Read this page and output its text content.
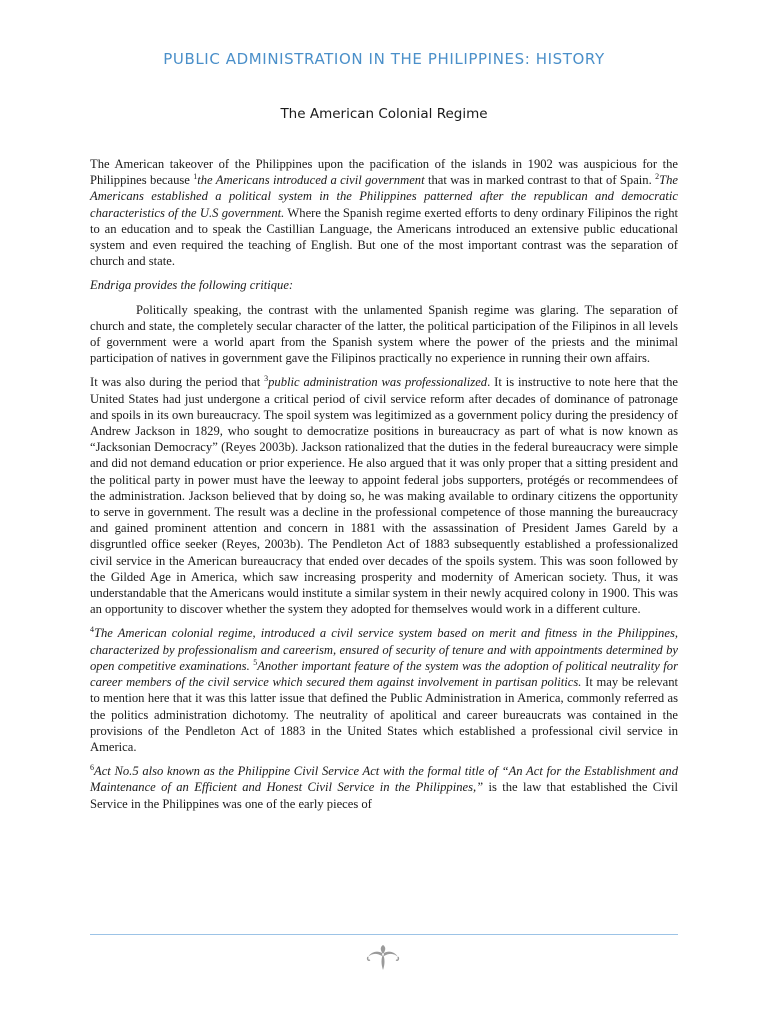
PUBLIC ADMINISTRATION IN THE PHILIPPINES: HISTORY
The American Colonial Regime

The American takeover of the Philippines upon the pacification of the islands in 1902 was auspicious for the Philippines because $^1$the Americans introduced a civil government that was in marked contrast to that of Spain. $^2$The Americans established a political system in the Philippines patterned after the republican and democratic characteristics of the U.S government. Where the Spanish regime exerted efforts to deny ordinary Filipinos the right to an education and to speak the Castillian Language, the Americans introduced an extensive public educational system and even required the teaching of English. But one of the most important contrast was the separation of church and state.

Endriga provides the following critique:

Politically speaking, the contrast with the unlamented Spanish regime was glaring. The separation of church and state, the completely secular character of the latter, the political participation of the Filipinos in all levels of government were a world apart from the Spanish system where the power of the priests and the minimal participation of natives in government gave the Filipinos practically no experience in running their own affairs.

It was also during the period that $^3$public administration was professionalized. It is instructive to note here that the United States had just undergone a critical period of civil service reform after decades of dominance of patronage and spoils in its own bureaucracy. The spoil system was legitimized as a government policy during the presidency of Andrew Jackson in 1829, who sought to democratize positions in bureaucracy as part of what is now known as “Jacksonian Democracy” (Reyes 2003b). Jackson rationalized that the duties in the federal bureaucracy were simple and did not demand education or prior experience. He also argued that it was only proper that a sitting president and the political party in power must have the leeway to appoint federal jobs supporters, protégés or recommendees of the administration. Jackson believed that by doing so, he was making available to ordinary citizens the opportunity to serve in government. The result was a decline in the professional competence of those manning the bureaucracy and gained prominent attention and concern in 1881 with the assassination of President James Gareld by a disgruntled office seeker (Reyes, 2003b). The Pendleton Act of 1883 subsequently established a professionalized civil service in the American bureaucracy that ended over decades of the spoils system. This was soon followed by the Gilded Age in America, which saw increasing prosperity and modernity of American society. Thus, it was understandable that the Americans would institute a similar system in their newly acquired colony in 1900. This was an opportunity to discover whether the system they adopted for themselves would work in a different culture.

$^4$The American colonial regime, introduced a civil service system based on merit and fitness in the Philippines, characterized by professionalism and careerism, ensured of security of tenure and with appointments determined by open competitive examinations. $^5$Another important feature of the system was the adoption of political neutrality for career members of the civil service which secured them against involvement in partisan politics. It may be relevant to mention here that it was this latter issue that defined the Public Administration in America, commonly referred as the politics administration dichotomy. The neutrality of apolitical and career bureaucrats was contained in the provisions of the Pendleton Act of 1883 in the United States which established a professional civil service in America.

$^6$Act No.5 also known as the Philippine Civil Service Act with the formal title of “An Act for the Establishment and Maintenance of an Efficient and Honest Civil Service in the Philippines,” is the law that established the Civil Service in the Philippines was one of the early pieces of
